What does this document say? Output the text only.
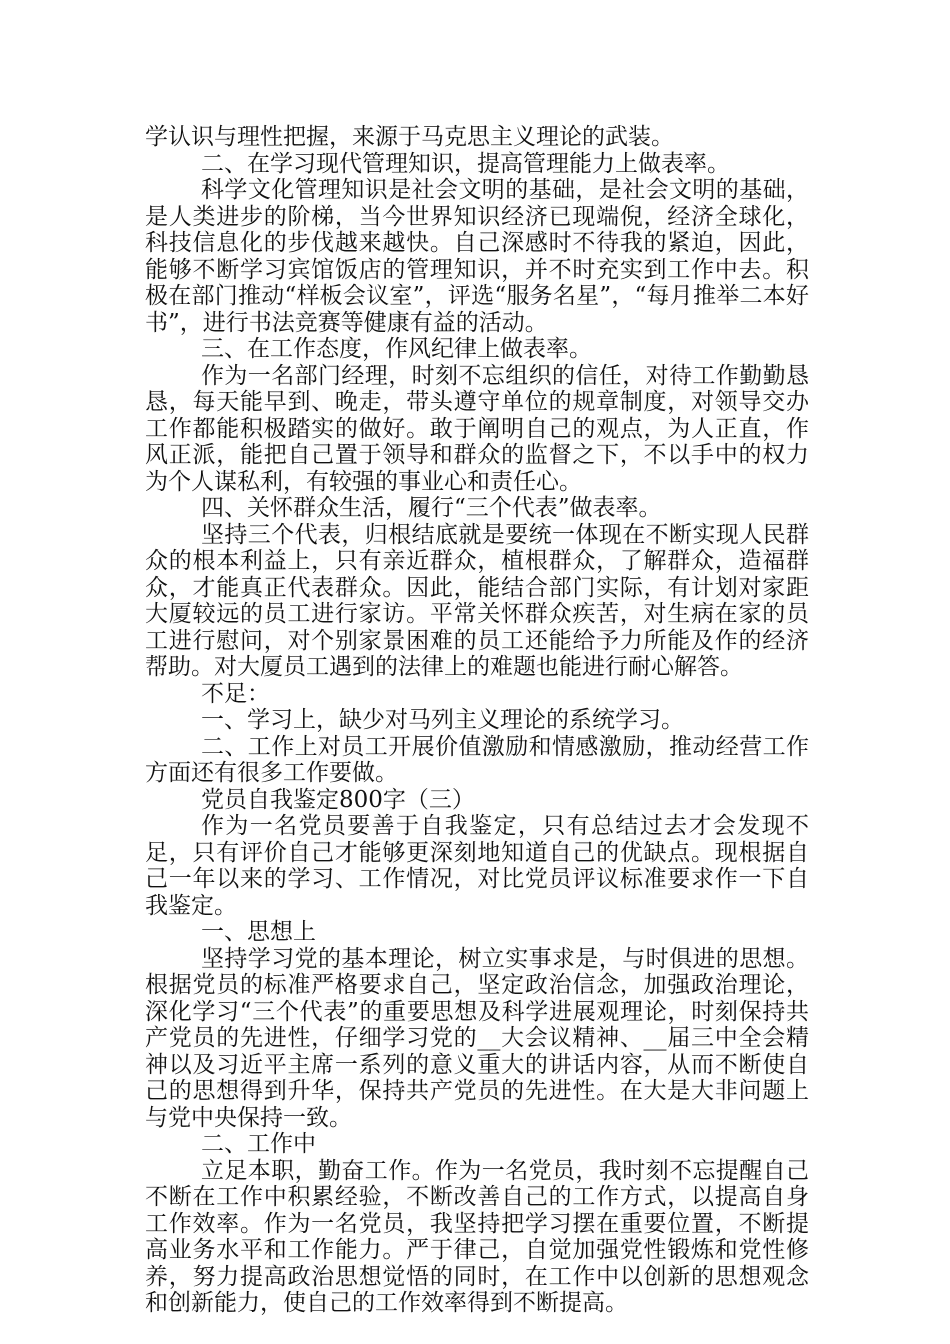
学认识与理性把握，来源于马克思主义理论的武装。

二、在学习现代管理知识，提高管理能力上做表率。

科学文化管理知识是社会文明的基础，是社会文明的基础，是人类进步的阶梯，当今世界知识经济已现端倪，经济全球化，科技信息化的步伐越来越快。自己深感时不待我的紧迫，因此，能够不断学习宾馆饭店的管理知识，并不时充实到工作中去。积极在部门推动“样板会议室”，评选“服务名星”，“每月推举二本好书”，进行书法竞赛等健康有益的活动。

三、在工作态度，作风纪律上做表率。

作为一名部门经理，时刻不忘组织的信任，对待工作勤勤恳恳，每天能早到、晚走，带头遵守单位的规章制度，对领导交办工作都能积极踏实的做好。敢于阐明自己的观点，为人正直，作风正派，能把自己置于领导和群众的监督之下，不以手中的权力为个人谋私利，有较强的事业心和责任心。

四、关怀群众生活，履行“三个代表”做表率。

坚持三个代表，归根结底就是要统一体现在不断实现人民群众的根本利益上，只有亲近群众，植根群众，了解群众，造福群众，才能真正代表群众。因此，能结合部门实际，有计划对家距大厦较远的员工进行家访。平常关怀群众疾苦，对生病在家的员工进行慰问，对个别家景困难的员工还能给予力所能及作的经济帮助。对大厦员工遇到的法律上的难题也能进行耐心解答。

不足：

一、学习上，缺少对马列主义理论的系统学习。

二、工作上对员工开展价值激励和情感激励，推动经营工作方面还有很多工作要做。

党员自我鉴定800字（三）

作为一名党员要善于自我鉴定，只有总结过去才会发现不足，只有评价自己才能够更深刻地知道自己的优缺点。现根据自己一年以来的学习、工作情况，对比党员评议标准要求作一下自我鉴定。

一、思想上

坚持学习党的基本理论，树立实事求是，与时俱进的思想。根据党员的标准严格要求自己，坚定政治信念，加强政治理论，深化学习“三个代表”的重要思想及科学进展观理论，时刻保持共产党员的先进性，仔细学习党的__大会议精神、__届三中全会精神以及习近平主席一系列的意义重大的讲话内容，从而不断使自己的思想得到升华，保持共产党员的先进性。在大是大非问题上与党中央保持一致。

二、工作中

立足本职，勤奋工作。作为一名党员，我时刻不忘提醒自己不断在工作中积累经验，不断改善自己的工作方式，以提高自身工作效率。作为一名党员，我坚持把学习摆在重要位置，不断提高业务水平和工作能力。严于律己，自觉加强党性锻炼和党性修养，努力提高政治思想觉悟的同时，在工作中以创新的思想观念和创新能力，使自己的工作效率得到不断提高。
